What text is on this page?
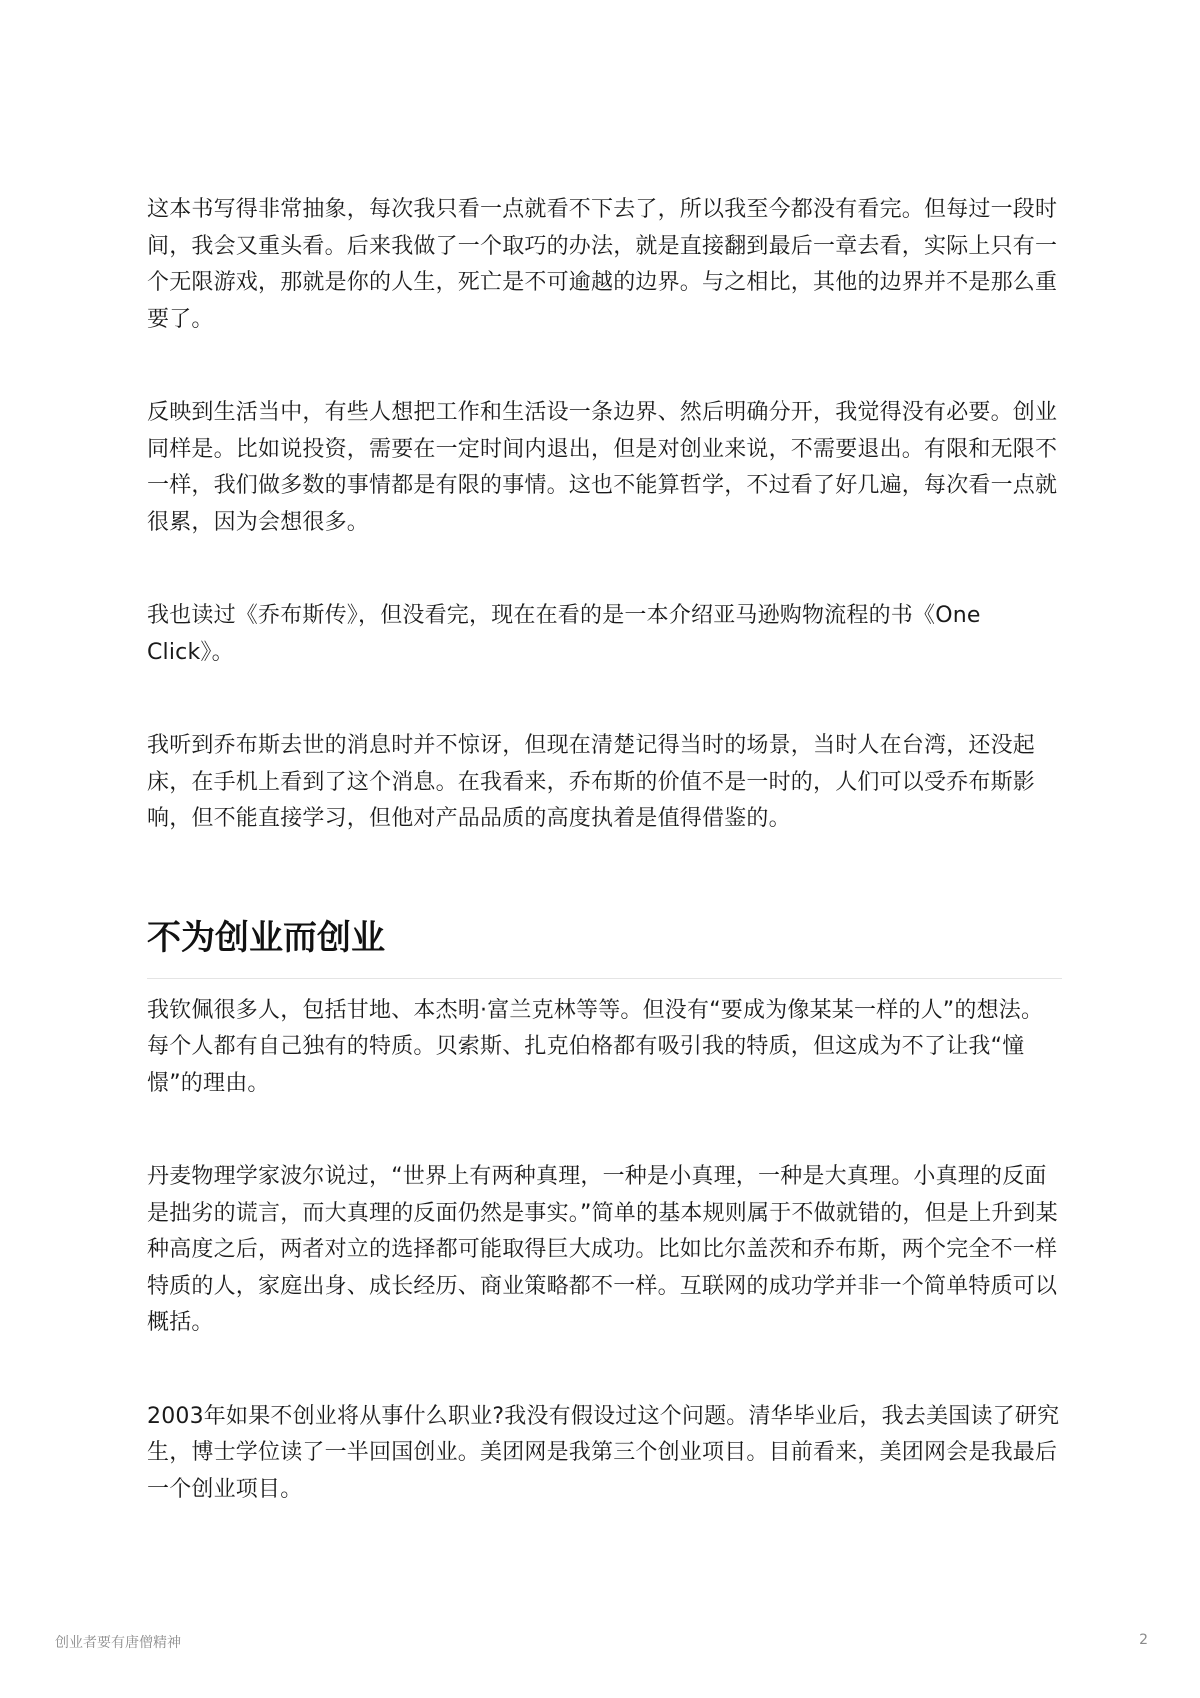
这本书写得非常抽象，每次我只看一点就看不下去了，所以我至今都没有看完。但每过一段时间，我会又重头看。后来我做了一个取巧的办法，就是直接翻到最后一章去看，实际上只有一个无限游戏，那就是你的人生，死亡是不可逾越的边界。与之相比，其他的边界并不是那么重要了。

反映到生活当中，有些人想把工作和生活设一条边界、然后明确分开，我觉得没有必要。创业同样是。比如说投资，需要在一定时间内退出，但是对创业来说，不需要退出。有限和无限不一样，我们做多数的事情都是有限的事情。这也不能算哲学，不过看了好几遍，每次看一点就很累，因为会想很多。

我也读过《乔布斯传》，但没看完，现在在看的是一本介绍亚马逊购物流程的书《One Click》。

我听到乔布斯去世的消息时并不惊讶，但现在清楚记得当时的场景，当时人在台湾，还没起床，在手机上看到了这个消息。在我看来，乔布斯的价值不是一时的，人们可以受乔布斯影响，但不能直接学习，但他对产品品质的高度执着是值得借鉴的。

不为创业而创业

我钦佩很多人，包括甘地、本杰明·富兰克林等等。但没有“要成为像某某一样的人”的想法。每个人都有自己独有的特质。贝索斯、扎克伯格都有吸引我的特质，但这成为不了让我“憧憬”的理由。

丹麦物理学家波尔说过，“世界上有两种真理，一种是小真理，一种是大真理。小真理的反面是拙劣的谎言，而大真理的反面仍然是事实。”简单的基本规则属于不做就错的，但是上升到某种高度之后，两者对立的选择都可能取得巨大成功。比如比尔盖茨和乔布斯，两个完全不一样特质的人，家庭出身、成长经历、商业策略都不一样。互联网的成功学并非一个简单特质可以概括。

2003年如果不创业将从事什么职业?我没有假设过这个问题。清华毕业后，我去美国读了研究生，博士学位读了一半回国创业。美团网是我第三个创业项目。目前看来，美团网会是我最后一个创业项目。

创业者要有唐僧精神	2
